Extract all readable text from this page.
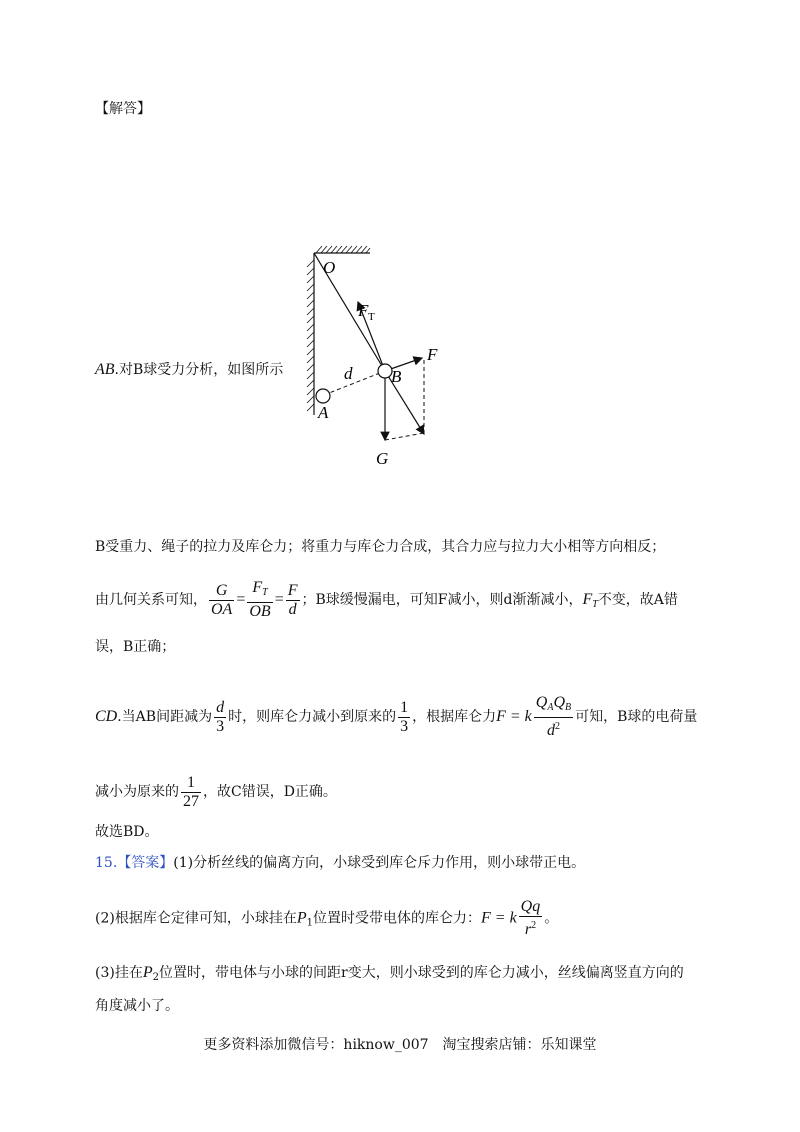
【解答】
AB.对B球受力分析，如图所示
O
F T
F
B
d
A
G
B受重力、绳子的拉力及库仑力；将重力与库仑力合成，其合力应与拉力大小相等方向相反；
由几何关系可知， $\frac{G}{OA} = \frac{F_T}{OB} = \frac{F}{d}$ ；B球缓慢漏电，可知F减小，则d渐渐减小，$F_T$不变，故A错
误，B正确；
CD.当AB间距减为 $\frac{d}{3}$ 时，则库仑力减小到原来的 $\frac{1}{3}$ ，根据库仑力F = k $\frac{Q_AQ_B}{d^2}$ 可知，B球的电荷量
减小为原来的 $\frac{1}{27}$ ，故C错误，D正确。
故选BD。
15.【答案】(1)分析丝线的偏离方向，小球受到库仑斥力作用，则小球带正电。
(2)根据库仑定律可知，小球挂在$P_1$位置时受带电体的库仑力：F = k $\frac{Qq}{r^2}$ 。
(3)挂在$P_2$位置时，带电体与小球的间距r变大，则小球受到的库仑力减小，丝线偏离竖直方向的
角度减小了。
更多资料添加微信号：hiknow_007　淘宝搜索店铺：乐知课堂
